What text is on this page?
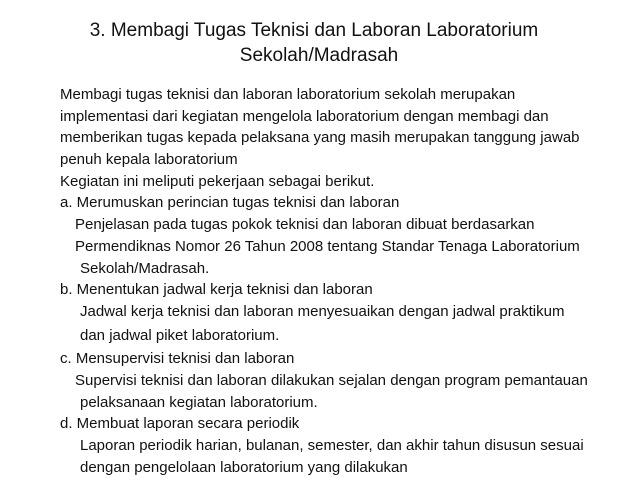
3. Membagi Tugas Teknisi dan Laboran Laboratorium
Sekolah/Madrasah
Membagi tugas teknisi dan laboran laboratorium sekolah merupakan
implementasi dari kegiatan mengelola laboratorium dengan membagi dan
memberikan tugas kepada pelaksana yang masih merupakan tanggung jawab
penuh kepala laboratorium
Kegiatan ini meliputi pekerjaan sebagai berikut.
a. Merumuskan perincian tugas teknisi dan laboran
Penjelasan pada tugas pokok teknisi dan laboran dibuat berdasarkan
Permendiknas Nomor 26 Tahun 2008 tentang Standar Tenaga Laboratorium
Sekolah/Madrasah.
b. Menentukan jadwal kerja teknisi dan laboran
Jadwal kerja teknisi dan laboran menyesuaikan dengan jadwal praktikum
dan jadwal piket laboratorium.
c. Mensupervisi teknisi dan laboran
Supervisi teknisi dan laboran dilakukan sejalan dengan program pemantauan
pelaksanaan kegiatan laboratorium.
d. Membuat laporan secara periodik
Laporan periodik harian, bulanan, semester, dan akhir tahun disusun sesuai
dengan pengelolaan laboratorium yang dilakukan
